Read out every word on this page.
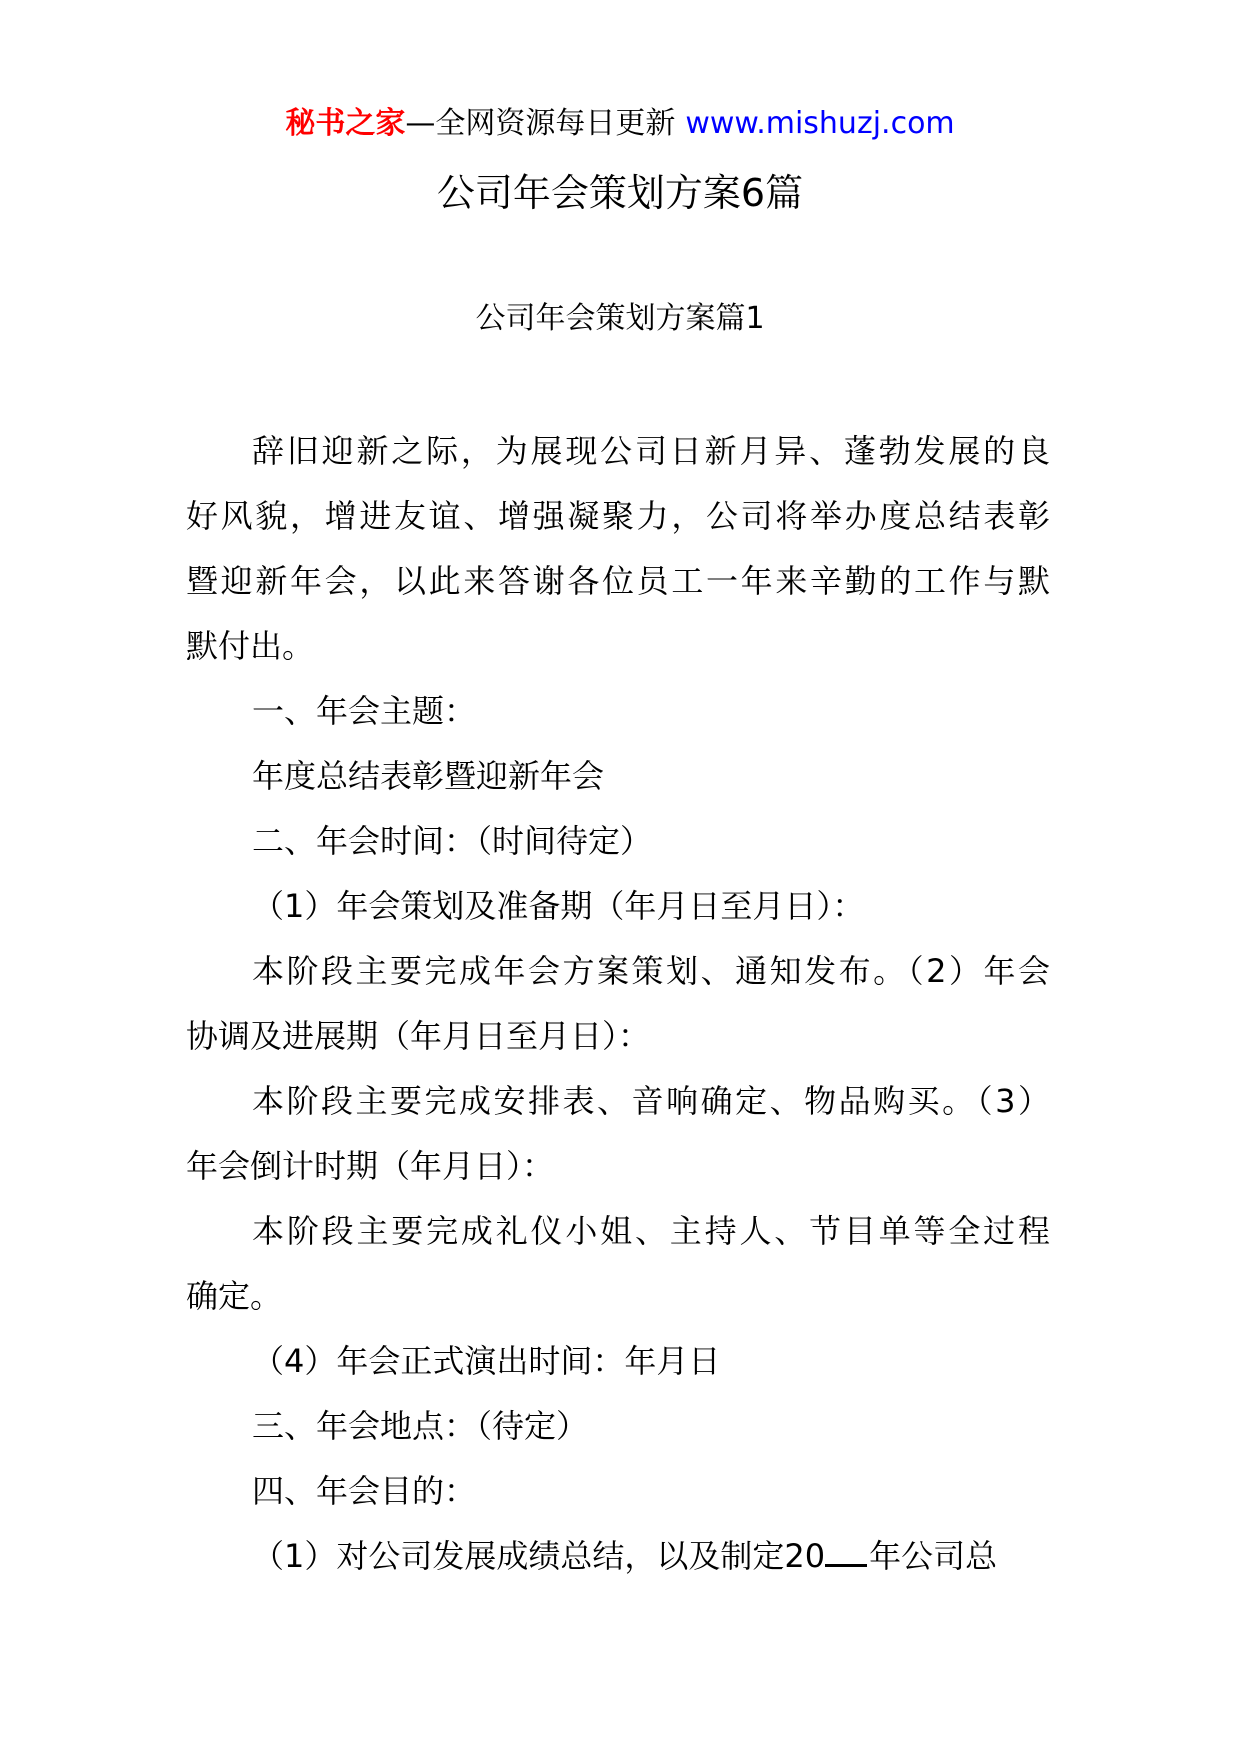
秘书之家—全网资源每日更新 www.mishuzj.com
公司年会策划方案6篇
公司年会策划方案篇1
辞旧迎新之际，为展现公司日新月异、蓬勃发展的良
好风貌，增进友谊、增强凝聚力，公司将举办度总结表彰
暨迎新年会，以此来答谢各位员工一年来辛勤的工作与默
默付出。
一、年会主题：
年度总结表彰暨迎新年会
二、年会时间：（时间待定）
（1）年会策划及准备期（年月日至月日）：
本阶段主要完成年会方案策划、通知发布。（2）年会
协调及进展期（年月日至月日）：
本阶段主要完成安排表、音响确定、物品购买。（3）
年会倒计时期（年月日）：
本阶段主要完成礼仪小姐、主持人、节目单等全过程
确定。
（4）年会正式演出时间：年月日
三、年会地点：（待定）
四、年会目的：
（1）对公司发展成绩总结，以及制定20 年公司总
